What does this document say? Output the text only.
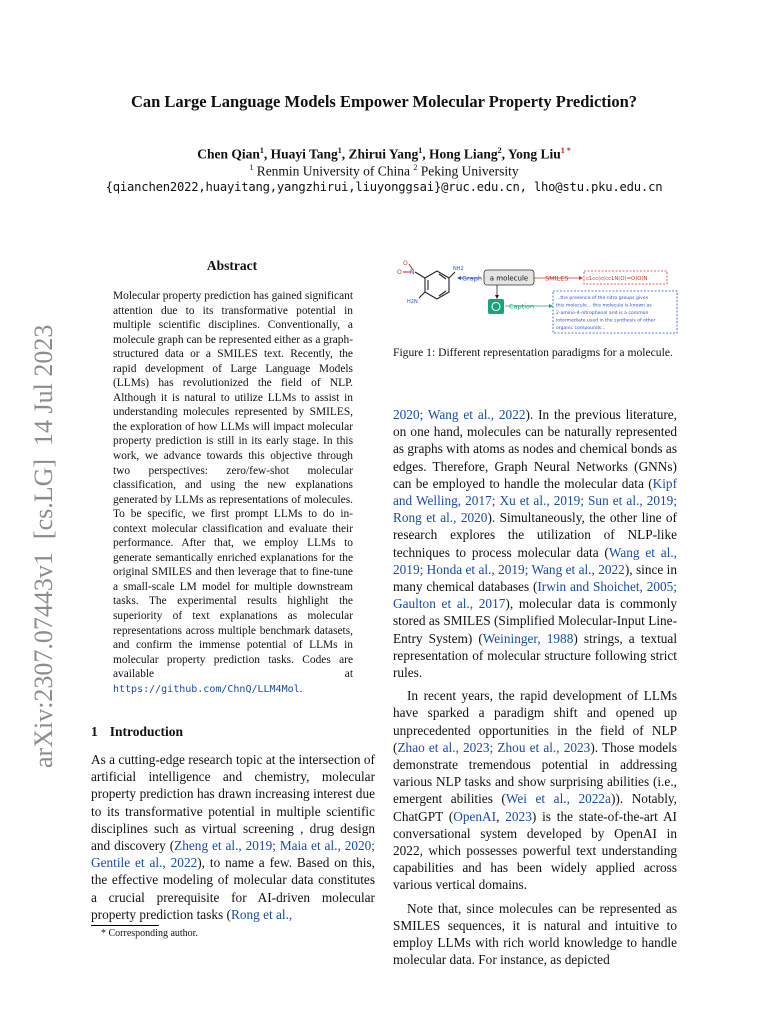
arXiv:2307.07443v1  [cs.LG]  14 Jul 2023
Can Large Language Models Empower Molecular Property Prediction?
Chen Qian$^1$, Huayi Tang$^1$, Zhirui Yang$^1$, Hong Liang$^2$, Yong Liu$^{1 *}$
$^1$ Renmin University of China $^2$ Peking University
{qianchen2022,huayitang,yangzhirui,liuyonggsai}@ruc.edu.cn, lho@stu.pku.edu.cn
Abstract
Molecular property prediction has gained significant attention due to its transformative potential in multiple scientific disciplines. Conventionally, a molecule graph can be represented either as a graph-structured data or a SMILES text. Recently, the rapid development of Large Language Models (LLMs) has revolutionized the field of NLP. Although it is natural to utilize LLMs to assist in understanding molecules represented by SMILES, the exploration of how LLMs will impact molecular property prediction is still in its early stage. In this work, we advance towards this objective through two perspectives: zero/few-shot molecular classification, and using the new explanations generated by LLMs as representations of molecules. To be specific, we first prompt LLMs to do in-context molecular classification and evaluate their performance. After that, we employ LLMs to generate semantically enriched explanations for the original SMILES and then leverage that to fine-tune a small-scale LM model for multiple downstream tasks. The experimental results highlight the superiority of text explanations as molecular representations across multiple benchmark datasets, and confirm the immense potential of LLMs in molecular property prediction tasks. Codes are available at https://github.com/ChnQ/LLM4Mol.
1 Introduction
As a cutting-edge research topic at the intersection of artificial intelligence and chemistry, molecular property prediction has drawn increasing interest due to its transformative potential in multiple scientific disciplines such as virtual screening , drug design and discovery (Zheng et al., 2019; Maia et al., 2020; Gentile et al., 2022), to name a few. Based on this, the effective modeling of molecular data constitutes a crucial prerequisite for AI-driven molecular property prediction tasks (Rong et al.,
* Corresponding author.
O
N
O	NH2
H2N
Graph a molecule	SMILES	c1cc(c(cc1N(O)=O)O)N
Caption
...the presence of the nitro groups gives
this molecule... this molecule is known as
2-amino-4-nitrophenol and is a common
intermediate used in the synthesis of other
organic compounds...
Figure 1: Different representation paradigms for a molecule.

2020; Wang et al., 2022). In the previous literature, on one hand, molecules can be naturally represented as graphs with atoms as nodes and chemical bonds as edges. Therefore, Graph Neural Networks (GNNs) can be employed to handle the molecular data (Kipf and Welling, 2017; Xu et al., 2019; Sun et al., 2019; Rong et al., 2020). Simultaneously, the other line of research explores the utilization of NLP-like techniques to process molecular data (Wang et al., 2019; Honda et al., 2019; Wang et al., 2022), since in many chemical databases (Irwin and Shoichet, 2005; Gaulton et al., 2017), molecular data is commonly stored as SMILES (Simplified Molecular-Input Line-Entry System) (Weininger, 1988) strings, a textual representation of molecular structure following strict rules.

In recent years, the rapid development of LLMs have sparked a paradigm shift and opened up unprecedented opportunities in the field of NLP (Zhao et al., 2023; Zhou et al., 2023). Those models demonstrate tremendous potential in addressing various NLP tasks and show surprising abilities (i.e., emergent abilities (Wei et al., 2022a)). Notably, ChatGPT (OpenAI, 2023) is the state-of-the-art AI conversational system developed by OpenAI in 2022, which possesses powerful text understanding capabilities and has been widely applied across various vertical domains.

Note that, since molecules can be represented as SMILES sequences, it is natural and intuitive to employ LLMs with rich world knowledge to handle molecular data. For instance, as depicted
